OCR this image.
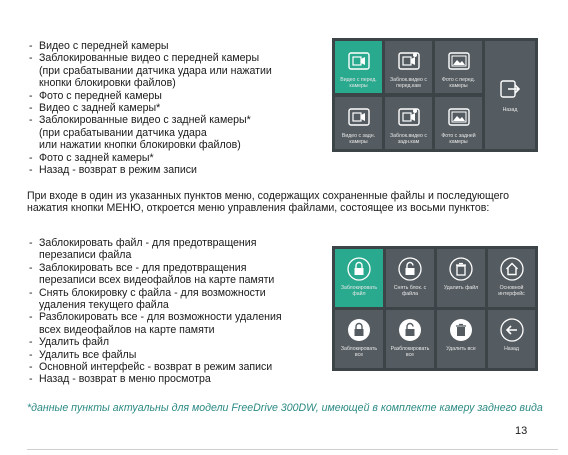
- Видео с передней камеры
- Заблокированные видео с передней камеры
(при срабатывании датчика удара или нажатии
кнопки блокировки файлов)
- Фото с передней камеры
- Видео с задней камеры*
- Заблокированные видео с задней камеры*
(при срабатывании датчика удара
или нажатии кнопки блокировки файлов)
- Фото с задней камеры*
- Назад - возврат в режим записи
Видео с перед.
камеры
Заблок.видео с
перед.кам
Фото с перед.
камеры
Назад
Видео с задн.
камеры
Заблок.видео с
задн.кам
Фото с задней
камеры

При входе в один из указанных пунктов меню, содержащих сохраненные файлы и последующего нажатия кнопки МЕНЮ, откроется меню управления файлами, состоящее из восьми пунктов:

- Заблокировать файл - для предотвращения
перезаписи файла
- Заблокировать все - для предотвращения
перезаписи всех видеофайлов на карте памяти
- Снять блокировку с файла - для возможности
удаления текущего файла
- Разблокировать все - для возможности удаления
всех видеофайлов на карте памяти
- Удалить файл
- Удалить все файлы
- Основной интерфейс - возврат в режим записи
- Назад - возврат в меню просмотра
Заблокировать
файл
Снять блок. с
файла
Удалить файл	Основной
интерфейс
Заблокировать
все
Разблокировать
все
Удалить все	Назад

*данные пункты актуальны для модели FreeDrive 300DW, имеющей в комплекте камеру заднего вида

13
